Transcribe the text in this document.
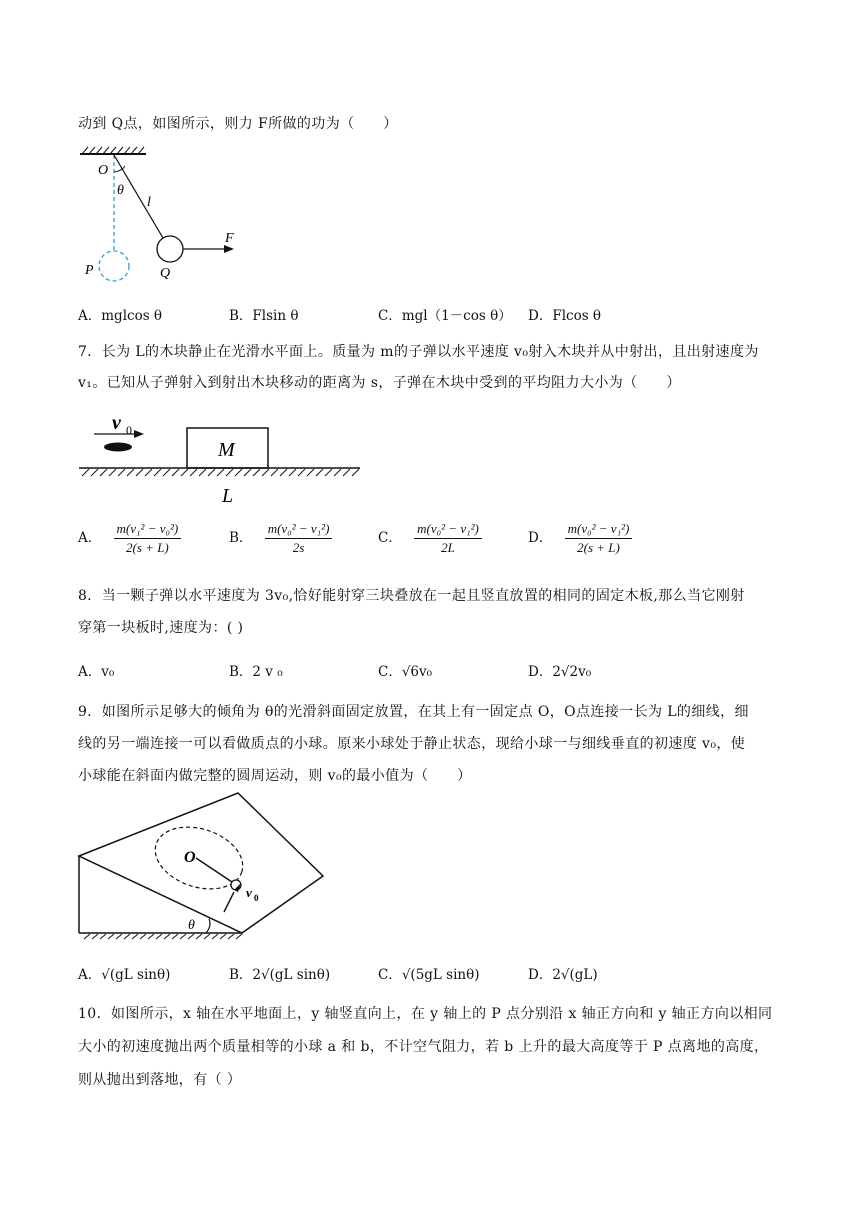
动到 Q点，如图所示，则力 F所做的功为（　　）
O
θ
l
F
P	Q
A．mglcos θ	B．Flsin θ	C．mgl（1－cos θ） D．Flcos θ
7．长为 L的木块静止在光滑水平面上。质量为 m的子弹以水平速度 v₀射入木块并从中射出，且出射速度为
v₁。已知从子弹射入到射出木块移动的距离为 s，子弹在木块中受到的平均阻力大小为（　　）
v 0
M
L
A． $\frac{\text{m(v₁² − v₀²)}}{2(s + L)}$	B． $\frac{\text{m(v₀² − v₁²)}}{2s}$	C． $\frac{\text{m(v₀² − v₁²)}}{2L}$	D． $\frac{\text{m(v₀² − v₁²)}}{2(s + L)}$
8．当一颗子弹以水平速度为 3v₀,恰好能射穿三块叠放在一起且竖直放置的相同的固定木板,那么当它刚射
穿第一块板时,速度为：( )
A．v₀	B．2 v ₀	C．√6v₀	D．2√2v₀
9．如图所示足够大的倾角为 θ的光滑斜面固定放置，在其上有一固定点 O，O点连接一长为 L的细线，细
线的另一端连接一可以看做质点的小球。原来小球处于静止状态，现给小球一与细线垂直的初速度 v₀，使
小球能在斜面内做完整的圆周运动，则 v₀的最小值为（　　）
O
v 0
θ
A．√(gL sinθ)	B．2√(gL sinθ)	C．√(5gL sinθ)	D．2√(gL)
10．如图所示，x 轴在水平地面上，y 轴竖直向上，在 y 轴上的 P 点分别沿 x 轴正方向和 y 轴正方向以相同
大小的初速度抛出两个质量相等的小球 a 和 b，不计空气阻力，若 b 上升的最大高度等于 P 点离地的高度，
则从抛出到落地，有（ ）
